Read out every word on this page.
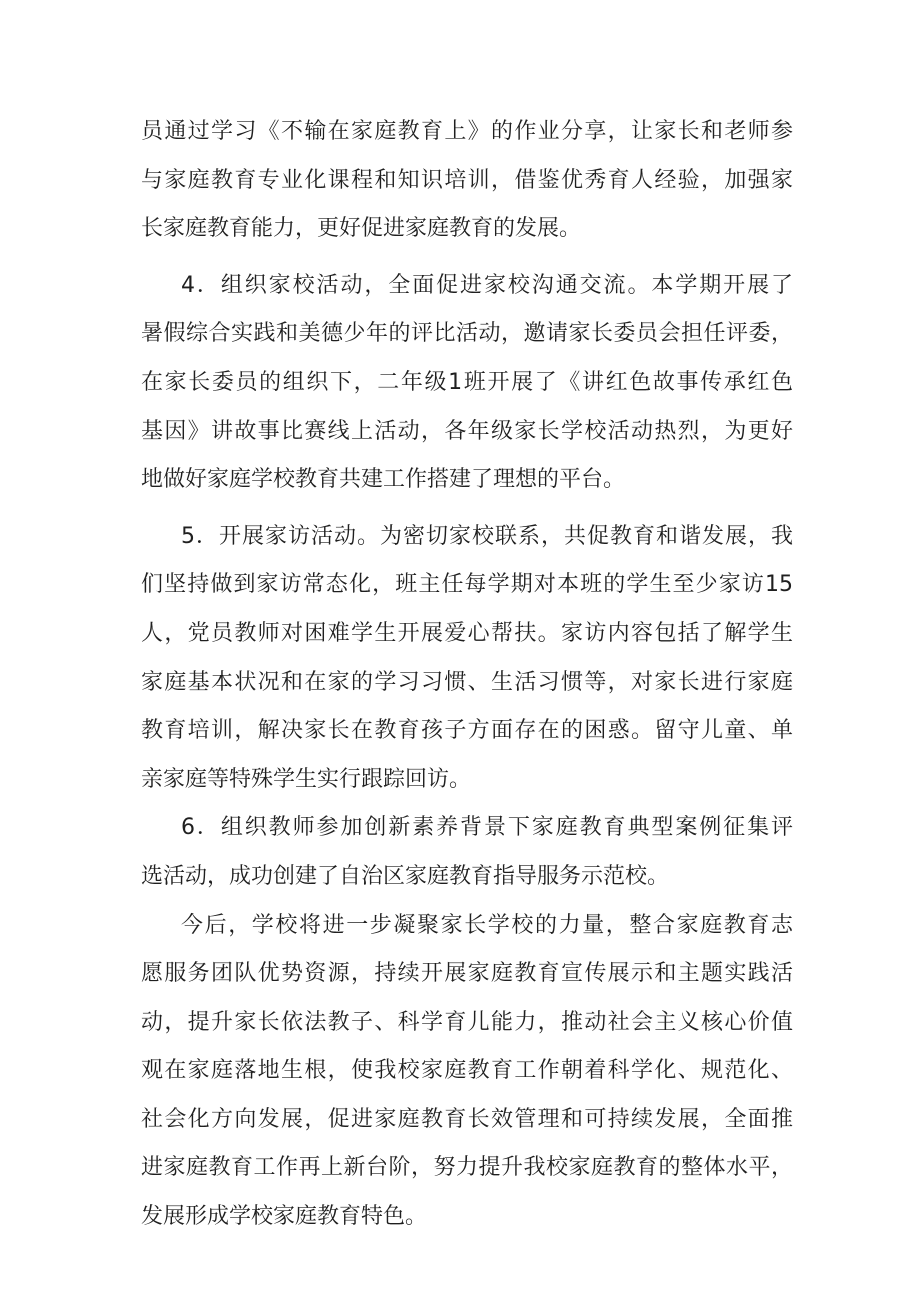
员通过学习《不输在家庭教育上》的作业分享，让家长和老师参
与家庭教育专业化课程和知识培训，借鉴优秀育人经验，加强家
长家庭教育能力，更好促进家庭教育的发展。
4．组织家校活动，全面促进家校沟通交流。本学期开展了
暑假综合实践和美德少年的评比活动，邀请家长委员会担任评委，
在家长委员的组织下，二年级1班开展了《讲红色故事传承红色
基因》讲故事比赛线上活动，各年级家长学校活动热烈，为更好
地做好家庭学校教育共建工作搭建了理想的平台。
5．开展家访活动。为密切家校联系，共促教育和谐发展，我
们坚持做到家访常态化，班主任每学期对本班的学生至少家访15
人，党员教师对困难学生开展爱心帮扶。家访内容包括了解学生
家庭基本状况和在家的学习习惯、生活习惯等，对家长进行家庭
教育培训，解决家长在教育孩子方面存在的困惑。留守儿童、单
亲家庭等特殊学生实行跟踪回访。
6．组织教师参加创新素养背景下家庭教育典型案例征集评
选活动，成功创建了自治区家庭教育指导服务示范校。
今后，学校将进一步凝聚家长学校的力量，整合家庭教育志
愿服务团队优势资源，持续开展家庭教育宣传展示和主题实践活
动，提升家长依法教子、科学育儿能力，推动社会主义核心价值
观在家庭落地生根，使我校家庭教育工作朝着科学化、规范化、
社会化方向发展，促进家庭教育长效管理和可持续发展，全面推
进家庭教育工作再上新台阶，努力提升我校家庭教育的整体水平，
发展形成学校家庭教育特色。
